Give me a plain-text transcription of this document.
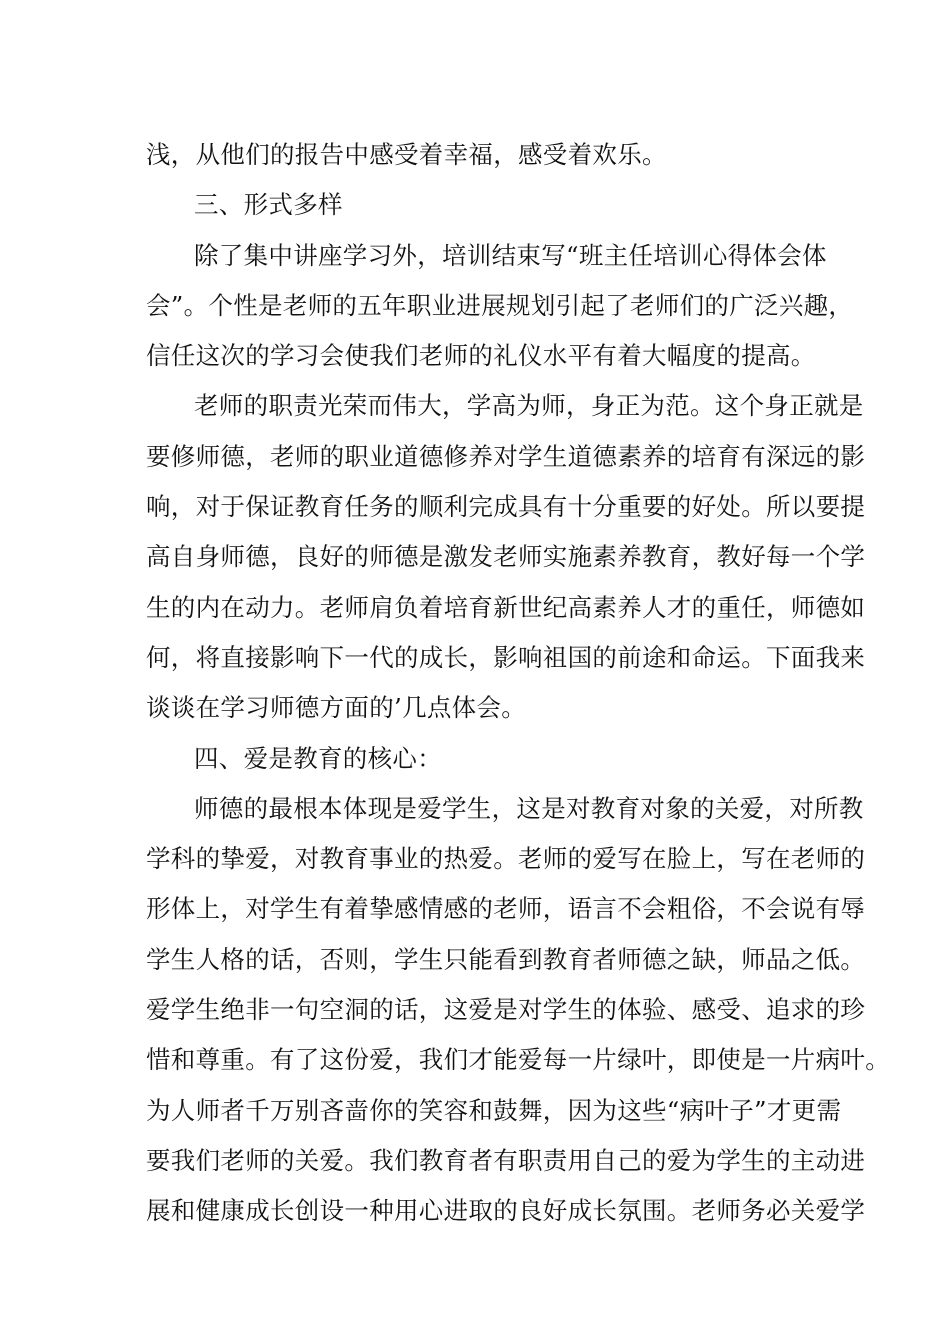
浅，从他们的报告中感受着幸福，感受着欢乐。
三、形式多样
除了集中讲座学习外，培训结束写“班主任培训心得体会体
会”。个性是老师的五年职业进展规划引起了老师们的广泛兴趣，
信任这次的学习会使我们老师的礼仪水平有着大幅度的提高。
老师的职责光荣而伟大，学高为师，身正为范。这个身正就是
要修师德，老师的职业道德修养对学生道德素养的培育有深远的影
响，对于保证教育任务的顺利完成具有十分重要的好处。所以要提
高自身师德，良好的师德是激发老师实施素养教育，教好每一个学
生的内在动力。老师肩负着培育新世纪高素养人才的重任，师德如
何，将直接影响下一代的成长，影响祖国的前途和命运。下面我来
谈谈在学习师德方面的’几点体会。
四、爱是教育的核心：
师德的最根本体现是爱学生，这是对教育对象的关爱，对所教
学科的挚爱，对教育事业的热爱。老师的爱写在脸上，写在老师的
形体上，对学生有着挚感情感的老师，语言不会粗俗，不会说有辱
学生人格的话，否则，学生只能看到教育者师德之缺，师品之低。
爱学生绝非一句空洞的话，这爱是对学生的体验、感受、追求的珍
惜和尊重。有了这份爱，我们才能爱每一片绿叶，即使是一片病叶。
为人师者千万别吝啬你的笑容和鼓舞，因为这些“病叶子”才更需
要我们老师的关爱。我们教育者有职责用自己的爱为学生的主动进
展和健康成长创设一种用心进取的良好成长氛围。老师务必关爱学
